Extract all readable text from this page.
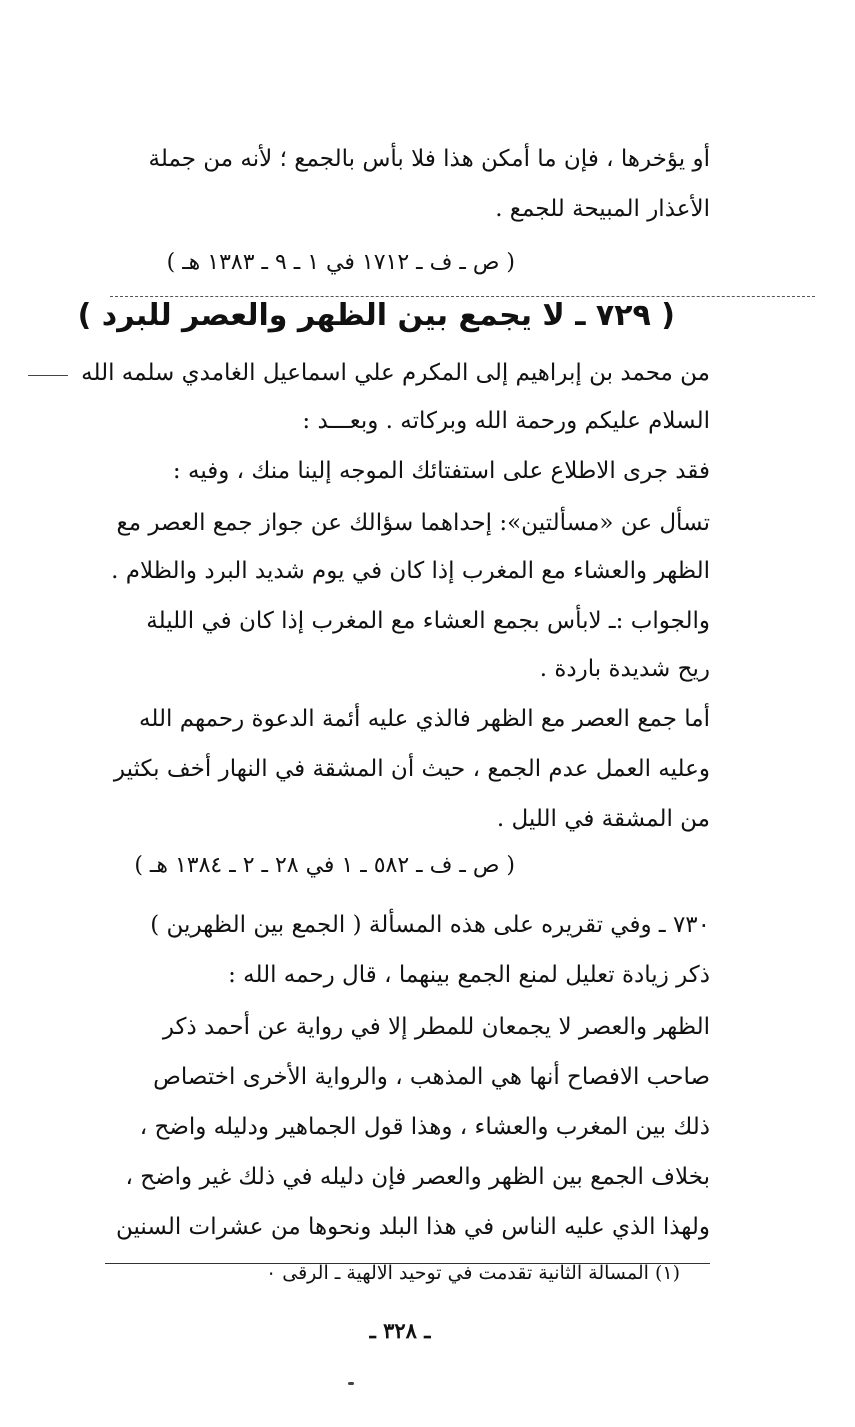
أو يؤخرها ، فإن ما أمكن هذا فلا بأس بالجمع ؛ لأنه من جملة
الأعذار المبيحة للجمع .
( ص ـ ف ـ ١٧١٢ في ١ ـ ٩ ـ ١٣٨٣ هـ )
( ٧٢٩ ـ لا يجمع بين الظهر والعصر للبرد )
من محمد بن إبراهيم إلى المكرم علي اسماعيل الغامدي سلمه الله
السلام عليكم ورحمة الله وبركاته . وبعـــد :
فقد جرى الاطلاع على استفتائك الموجه إلينا منك ، وفيه :
تسأل عن «مسألتين»: إحداهما سؤالك عن جواز جمع العصر مع
الظهر والعشاء مع المغرب إذا كان في يوم شديد البرد والظلام .
والجواب :ـ لابأس بجمع العشاء مع المغرب إذا كان في الليلة
ريح شديدة باردة .
أما جمع العصر مع الظهر فالذي عليه أئمة الدعوة رحمهم الله
وعليه العمل عدم الجمع ، حيث أن المشقة في النهار أخف بكثير
من المشقة في الليل .
( ص ـ ف ـ ٥٨٢ ـ ١ في ٢٨ ـ ٢ ـ ١٣٨٤ هـ )
٧٣٠ ـ وفي تقريره على هذه المسألة ( الجمع بين الظهرين )
ذكر زيادة تعليل لمنع الجمع بينهما ، قال رحمه الله :
الظهر والعصر لا يجمعان للمطر إلا في رواية عن أحمد ذكر
صاحب الافصاح أنها هي المذهب ، والرواية الأخرى اختصاص
ذلك بين المغرب والعشاء ، وهذا قول الجماهير ودليله واضح ،
بخلاف الجمع بين الظهر والعصر فإن دليله في ذلك غير واضح ،
ولهذا الذي عليه الناس في هذا البلد ونحوها من عشرات السنين
(١) المسالة الثانية تقدمت في توحيد الالهية ـ الرقى ٠
ـ ٣٢٨ ـ
